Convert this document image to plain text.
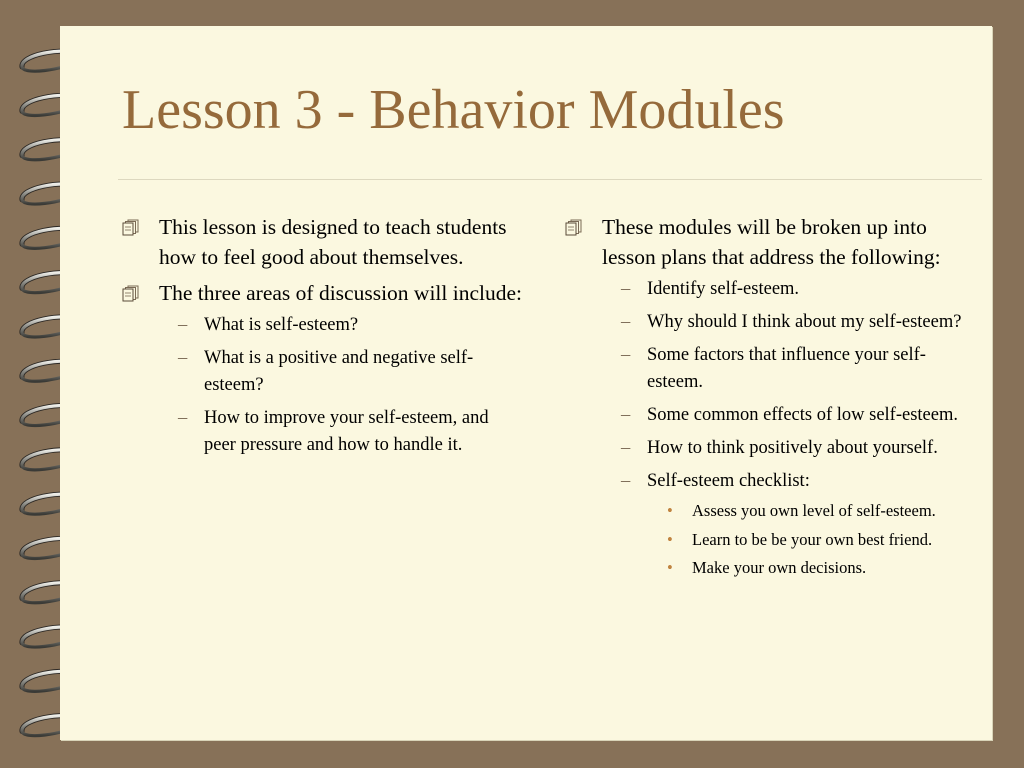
Lesson 3 - Behavior Modules
This lesson is designed to teach students how to feel good about themselves.
The three areas of discussion will include:
– What is self-esteem?
– What is a positive and negative self-esteem?
– How to improve your self-esteem, and peer pressure and how to handle it.
These modules will be broken up into lesson plans that address the following:
– Identify self-esteem.
– Why should I think about my self-esteem?
– Some factors that influence your self-esteem.
– Some common effects of low self-esteem.
– How to think positively about yourself.
– Self-esteem checklist:
• Assess you own level of self-esteem.
• Learn to be be your own best friend.
• Make your own decisions.
